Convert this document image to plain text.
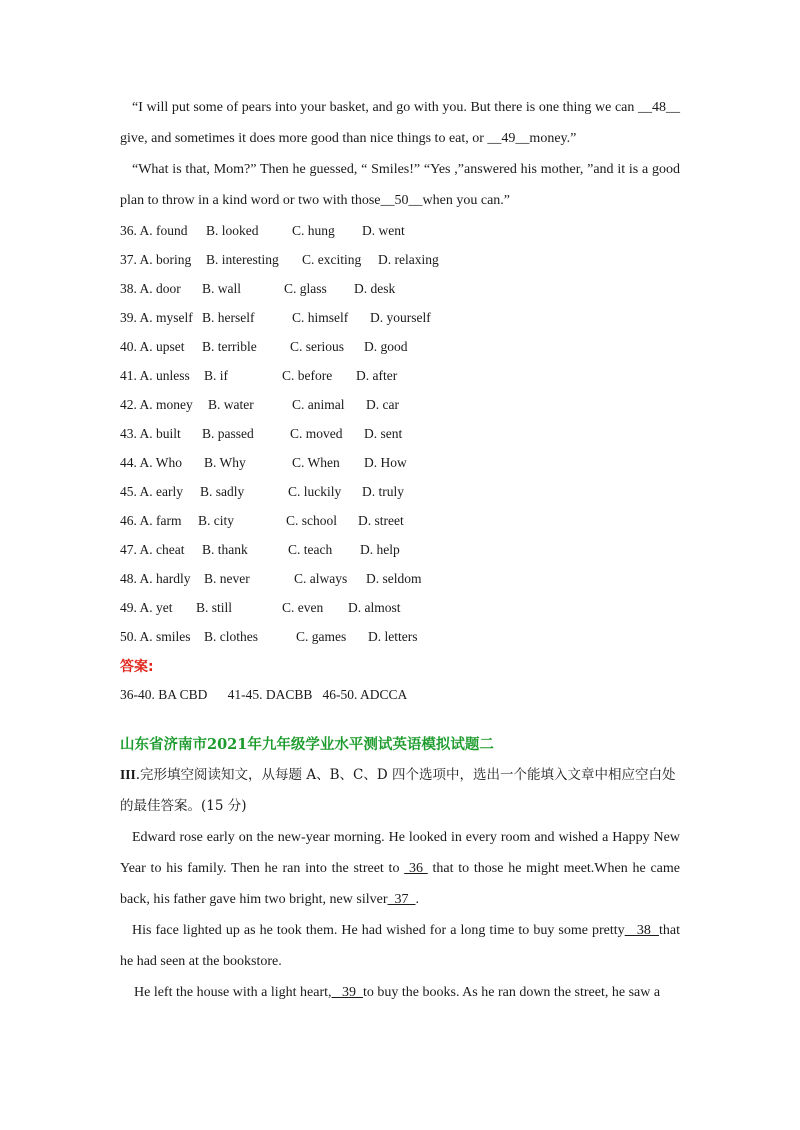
“I will put some of pears into your basket, and go with you. But there is one thing we can __48__ give, and sometimes it does more good than nice things to eat, or __49__money.”

“What is that, Mom?” Then he guessed, “ Smiles!” “Yes ,”answered his mother, ”and it is a good plan to throw in a kind word or two with those__50__when you can.”

36. A. found B. looked C. hung D. went
37. A. boring B. interesting C. exciting D. relaxing
38. A. door B. wall	C. glass D. desk
39. A. myself B. herself	C. himself D. yourself
40. A. upset B. terrible C. serious D. good
41. A. unless B. if	C. before D. after
42. A. money B. water	C. animal D. car
43. A. built B. passed	C. moved D. sent
44. A. Who B. Why	C. When D. How
45. A. early B. sadly	C. luckily D. truly
46. A. farm B. city	C. school D. street
47. A. cheat B. thank	C. teach D. help
48. A. hardly B. never	C. always D. seldom
49. A. yet B. still	C. even D. almost
50. A. smiles B. clothes	C. games D. letters
答案:
36-40. BA CBD      41-45. DACBB   46-50. ADCCA
山东省济南市2021年九年级学业水平测试英语模拟试题二

III.完形填空阅读知文，从每题 A、B、C、D 四个选项中，选出一个能填入文章中相应空白处的最佳答案。(15 分)

Edward rose early on the new-year morning. He looked in every room and wished a Happy New Year to his family. Then he ran into the street to  36  that to those he might meet.When he came back, his father gave him two bright, new silver  37  .

His face lighted up as he took them. He had wished for a long time to buy some pretty   38  that he had seen at the bookstore.

He left the house with a light heart,   39  to buy the books. As he ran down the street, he saw a
